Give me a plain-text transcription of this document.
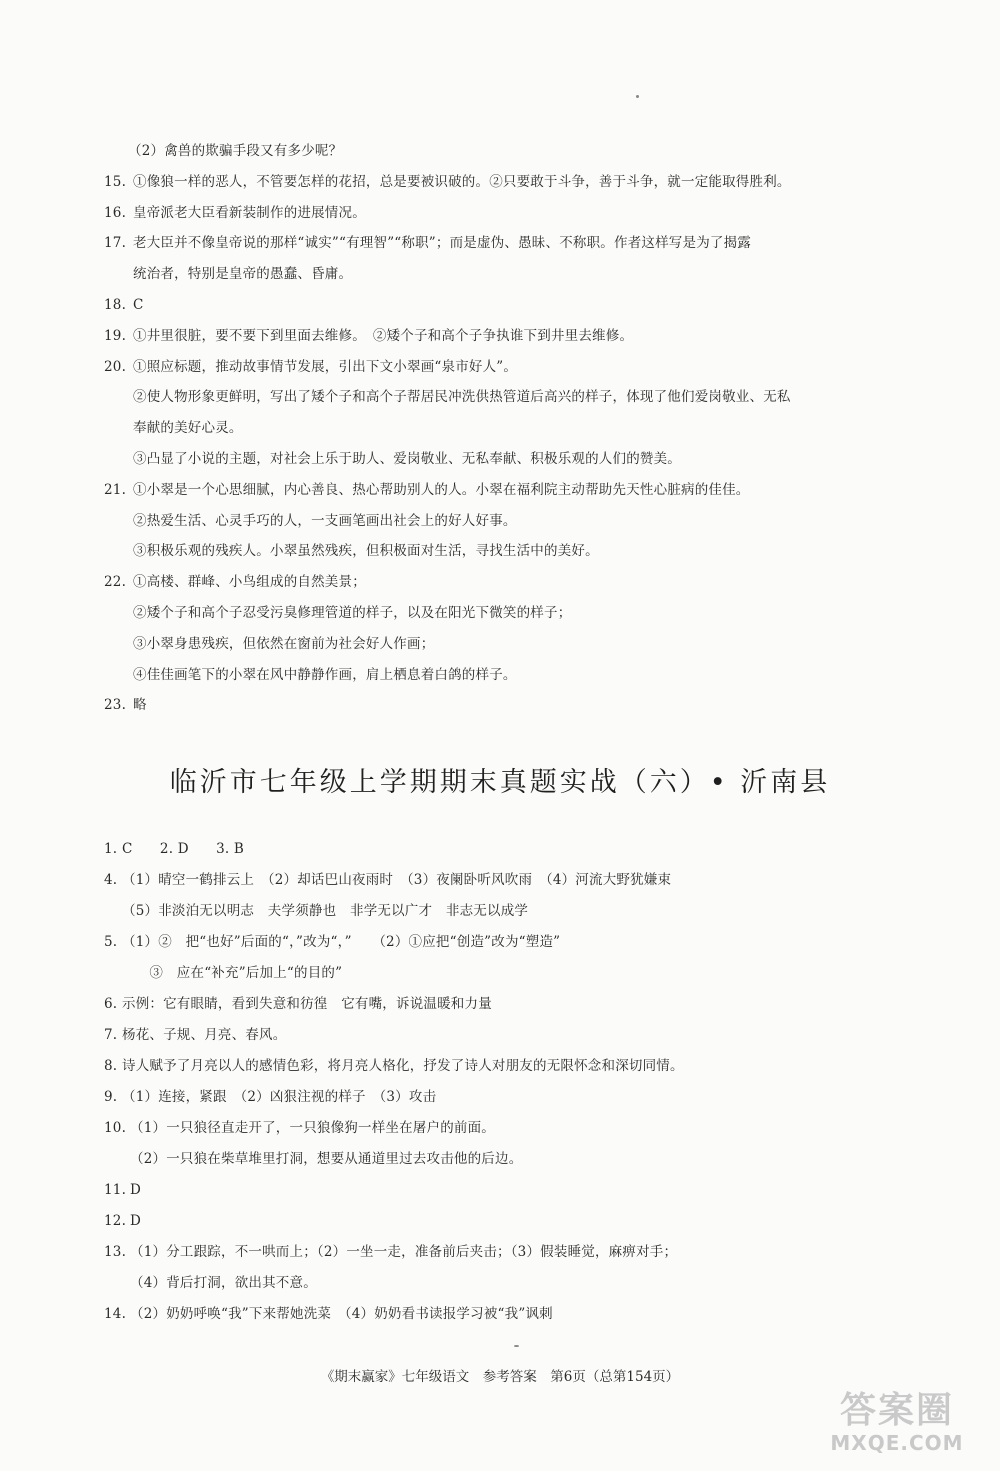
（2）禽兽的欺骗手段又有多少呢？
15. ①像狼一样的恶人，不管要怎样的花招，总是要被识破的。②只要敢于斗争，善于斗争，就一定能取得胜利。
16. 皇帝派老大臣看新装制作的进展情况。
17. 老大臣并不像皇帝说的那样“诚实”“有理智”“称职”；而是虚伪、愚昧、不称职。作者这样写是为了揭露
统治者，特别是皇帝的愚蠢、昏庸。
18. C
19. ①井里很脏，要不要下到里面去维修。　②矮个子和高个子争执谁下到井里去维修。
20. ①照应标题，推动故事情节发展，引出下文小翠画“泉市好人”。
②使人物形象更鲜明，写出了矮个子和高个子帮居民冲洗供热管道后高兴的样子，体现了他们爱岗敬业、无私
奉献的美好心灵。
③凸显了小说的主题，对社会上乐于助人、爱岗敬业、无私奉献、积极乐观的人们的赞美。
21. ①小翠是一个心思细腻，内心善良、热心帮助别人的人。小翠在福利院主动帮助先天性心脏病的佳佳。
②热爱生活、心灵手巧的人，一支画笔画出社会上的好人好事。
③积极乐观的残疾人。小翠虽然残疾，但积极面对生活，寻找生活中的美好。
22. ①高楼、群峰、小鸟组成的自然美景；
②矮个子和高个子忍受污臭修理管道的样子，以及在阳光下微笑的样子；
③小翠身患残疾，但依然在窗前为社会好人作画；
④佳佳画笔下的小翠在风中静静作画，肩上栖息着白鸽的样子。
23. 略
临沂市七年级上学期期末真题实战（六）• 沂南县
1. C　　2. D　　3. B
4. （1）晴空一鹤排云上　（2）却话巴山夜雨时　（3）夜阑卧听风吹雨　（4）河流大野犹嫌束
（5）非淡泊无以明志　夫学须静也　非学无以广才　非志无以成学
5. （1）②　把“也好”后面的“，”改为“，”　　（2）①应把“创造”改为“塑造”
　　③　应在“补充”后加上“的目的”
6. 示例：它有眼睛，看到失意和彷徨　它有嘴，诉说温暖和力量
7. 杨花、子规、月亮、春风。
8. 诗人赋予了月亮以人的感情色彩，将月亮人格化，抒发了诗人对朋友的无限怀念和深切同情。
9. （1）连接，紧跟　（2）凶狠注视的样子　（3）攻击
10. （1）一只狼径直走开了，一只狼像狗一样坐在屠户的前面。
（2）一只狼在柴草堆里打洞，想要从通道里过去攻击他的后边。
11. D
12. D
13. （1）分工跟踪，不一哄而上；（2）一坐一走，准备前后夹击；（3）假装睡觉，麻痹对手；
（4）背后打洞，欲出其不意。
14. （2）奶奶呼唤“我”下来帮她洗菜　（4）奶奶看书读报学习被“我”讽刺
《期末赢家》七年级语文　参考答案　第6页（总第154页）
答案圈
MXQE.COM
